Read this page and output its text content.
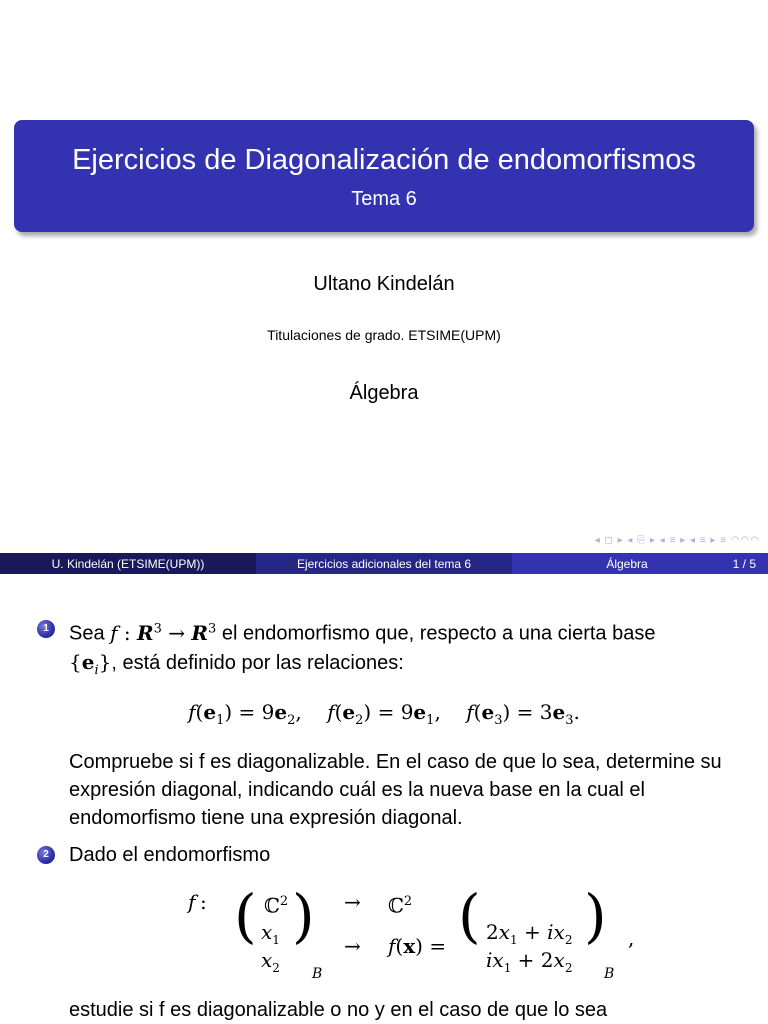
Ejercicios de Diagonalización de endomorfismos
Tema 6
Ultano Kindelán
Titulaciones de grado. ETSIME(UPM)
Álgebra
◂ ◻ ▸ ◂ ⎘ ▸ ◂ ≡ ▸ ◂ ≡ ▸ ≡ ◠◠◠
U. Kindelán (ETSIME(UPM))	Ejercicios adicionales del tema 6	Álgebra	1 / 5
1	Sea f : $R^3 \to R^3$ el endomorfismo que, respecto a una cierta base
$\{e_i\}$, está definido por las relaciones:
$f(e_1) = 9e_2$,    $f(e_2) = 9e_1$,    $f(e_3) = 3e_3$.
Compruebe si f es diagonalizable. En el caso de que lo sea, determine su expresión diagonal, indicando cuál es la nueva base en la cual el endomorfismo tiene una expresión diagonal.
2	Dado el endomorfismo
f :	ℂ$^2$	→ ℂ$^2$
( $x_1$
$x_2$
)
B
→ f(x) = ( $2x_1 + ix_2$
$ix_1 + 2x_2$
)
B
,
estudie si f es diagonalizable o no y en el caso de que lo sea
